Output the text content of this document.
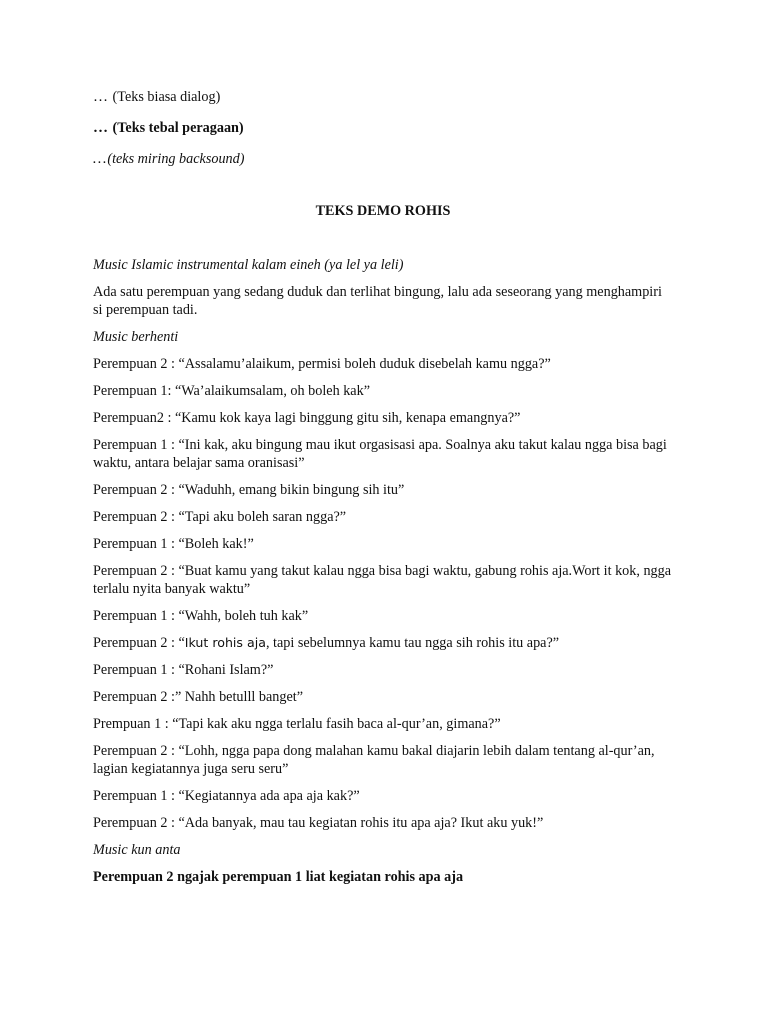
… (Teks biasa dialog)
… (Teks tebal peragaan)
…(teks miring backsound)
TEKS DEMO ROHIS
Music Islamic instrumental kalam eineh (ya lel ya leli)
Ada satu perempuan yang sedang duduk dan terlihat bingung, lalu ada seseorang yang menghampiri si perempuan tadi.
Music berhenti
Perempuan 2 : “Assalamu’alaikum, permisi boleh duduk disebelah kamu ngga?”
Perempuan 1: “Wa’alaikumsalam, oh boleh kak”
Perempuan2 : “Kamu kok kaya lagi binggung gitu sih, kenapa emangnya?”
Perempuan 1 : “Ini kak, aku bingung mau ikut orgasisasi apa. Soalnya aku takut kalau ngga bisa bagi waktu, antara belajar sama oranisasi”
Perempuan 2 : “Waduhh, emang bikin bingung sih itu”
Perempuan 2 : “Tapi aku boleh saran ngga?”
Perempuan 1 : “Boleh kak!”
Perempuan 2 : “Buat kamu yang takut kalau ngga bisa bagi waktu, gabung rohis aja.Wort it kok, ngga terlalu nyita banyak waktu”
Perempuan 1 : “Wahh, boleh tuh kak”
Perempuan 2 : “Ikut rohis aja, tapi sebelumnya kamu tau ngga sih rohis itu apa?”
Perempuan 1 : “Rohani Islam?”
Perempuan 2 :” Nahh betulll banget”
Prempuan 1 : “Tapi kak aku ngga terlalu fasih baca al-qur’an, gimana?”
Perempuan 2 : “Lohh, ngga papa dong malahan kamu bakal diajarin lebih dalam tentang al-qur’an, lagian kegiatannya juga seru seru”
Perempuan 1 : “Kegiatannya ada apa aja kak?”
Perempuan 2 : “Ada banyak, mau tau kegiatan rohis itu apa aja? Ikut aku yuk!”
Music kun anta
Perempuan 2 ngajak perempuan 1 liat kegiatan rohis apa aja
